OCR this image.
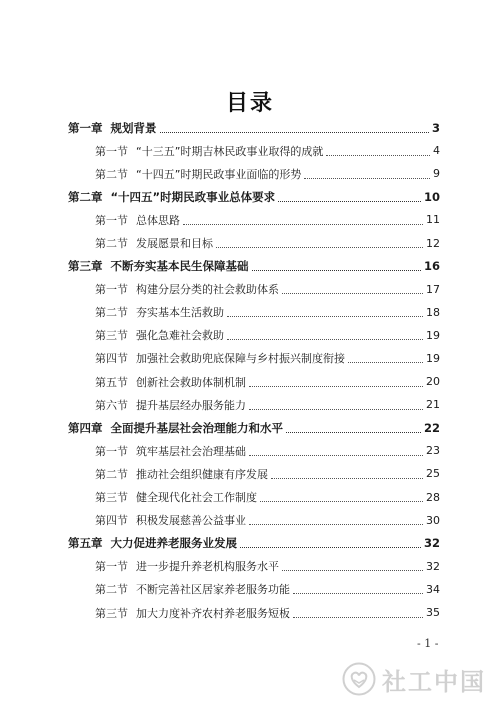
目录
第一章 规划背景	3
第一节 “十三五”时期吉林民政事业取得的成就	4
第二节 “十四五”时期民政事业面临的形势	9
第二章 “十四五”时期民政事业总体要求	10
第一节 总体思路	11
第二节 发展愿景和目标	12
第三章 不断夯实基本民生保障基础	16
第一节 构建分层分类的社会救助体系	17
第二节 夯实基本生活救助	18
第三节 强化急难社会救助	19
第四节 加强社会救助兜底保障与乡村振兴制度衔接	19
第五节 创新社会救助体制机制	20
第六节 提升基层经办服务能力	21
第四章 全面提升基层社会治理能力和水平	22
第一节 筑牢基层社会治理基础	23
第二节 推动社会组织健康有序发展	25
第三节 健全现代化社会工作制度	28
第四节 积极发展慈善公益事业	30
第五章 大力促进养老服务业发展	32
第一节 进一步提升养老机构服务水平	32
第二节 不断完善社区居家养老服务功能	34
第三节 加大力度补齐农村养老服务短板	35
- 1 -
社工中国
